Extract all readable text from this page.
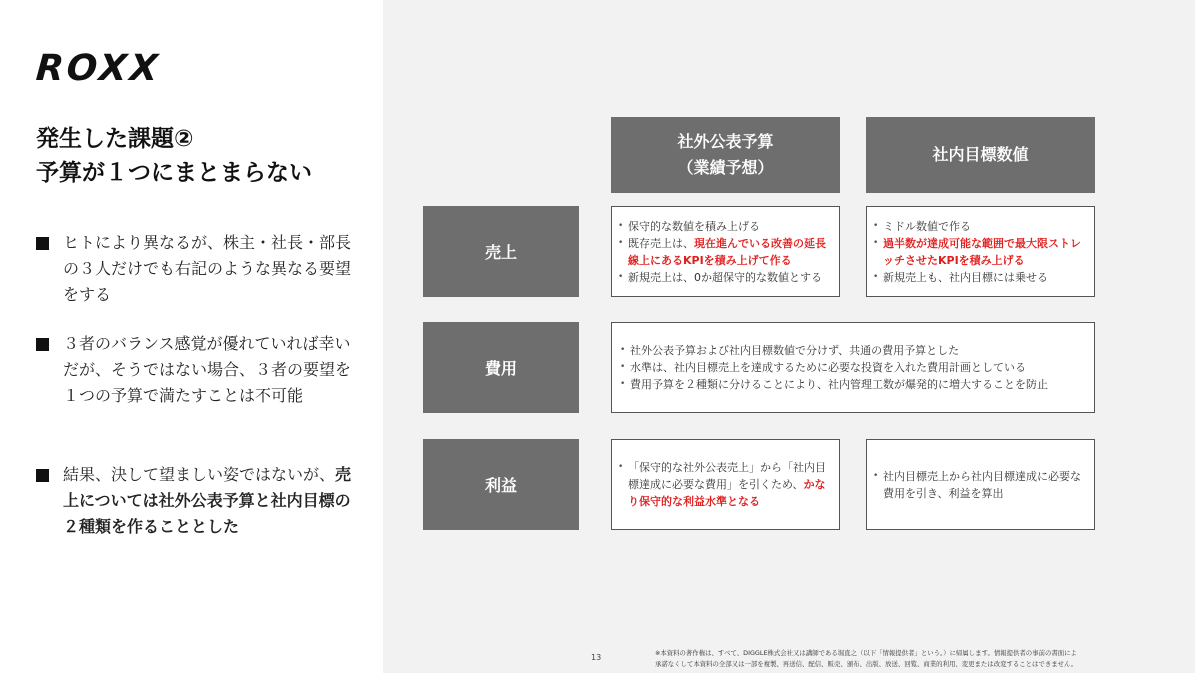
ROXX
発生した課題②
予算が１つにまとまらない
ヒトにより異なるが、株主・社長・部長の３人だけでも右記のような異なる要望をする
３者のバランス感覚が優れていれば幸いだが、そうではない場合、３者の要望を１つの予算で満たすことは不可能
結果、決して望ましい姿ではないが、売上については社外公表予算と社内目標の２種類を作ることとした
社外公表予算
（業績予想）
社内目標数値
売上
費用
利益
• 保守的な数値を積み上げる
• 既存売上は、現在進んでいる改善の延長線上にあるKPIを積み上げて作る
• 新規売上は、0か超保守的な数値とする
• ミドル数値で作る
• 過半数が達成可能な範囲で最大限ストレッチさせたKPIを積み上げる
• 新規売上も、社内目標には乗せる
• 社外公表予算および社内目標数値で分けず、共通の費用予算とした
• 水準は、社内目標売上を達成するために必要な投資を入れた費用計画としている
• 費用予算を２種類に分けることにより、社内管理工数が爆発的に増大することを防止
• 「保守的な社外公表売上」から「社内目標達成に必要な費用」を引くため、かなり保守的な利益水準となる
• 社内目標売上から社内目標達成に必要な費用を引き、利益を算出
13	※本資料の著作権は、すべて、DIGGLE株式会社又は講師である堀直之（以下「情報提供者」という。）に帰属します。情報提供者の事前の書面によ
承諾なくして本資料の全部又は一部を複製、再送信、配信、販売、頒布、出版、放送、回覧、商業的利用、変更または改変することはできません。
